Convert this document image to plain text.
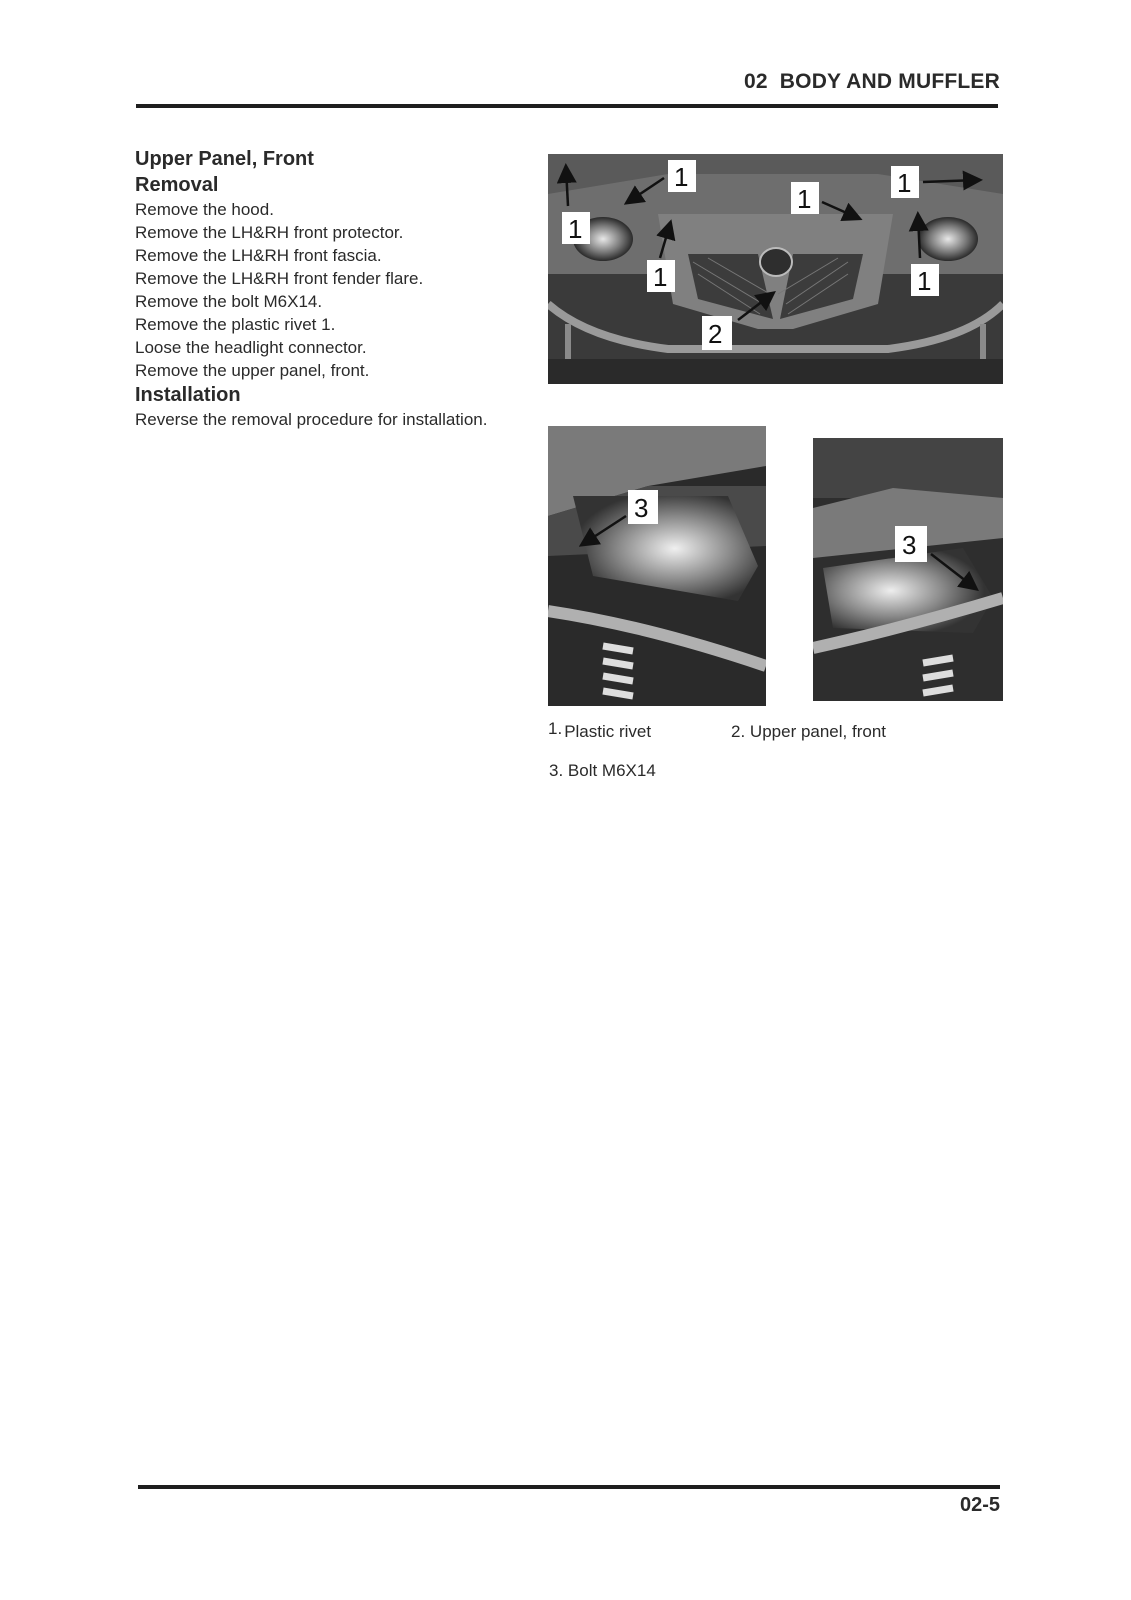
02  BODY AND MUFFLER
Upper Panel, Front
Removal
Remove the hood.
Remove the LH&RH front protector.
Remove the LH&RH front fascia.
Remove the LH&RH front fender flare.
Remove the bolt M6X14.
Remove the plastic rivet 1.
Loose the headlight connector.
Remove the upper panel, front.
Installation
Reverse the removal procedure for installation.
1
1
1
1
1	1
2
3
3
1. Plastic rivet	2. Upper panel, front
3. Bolt M6X14
02-5
